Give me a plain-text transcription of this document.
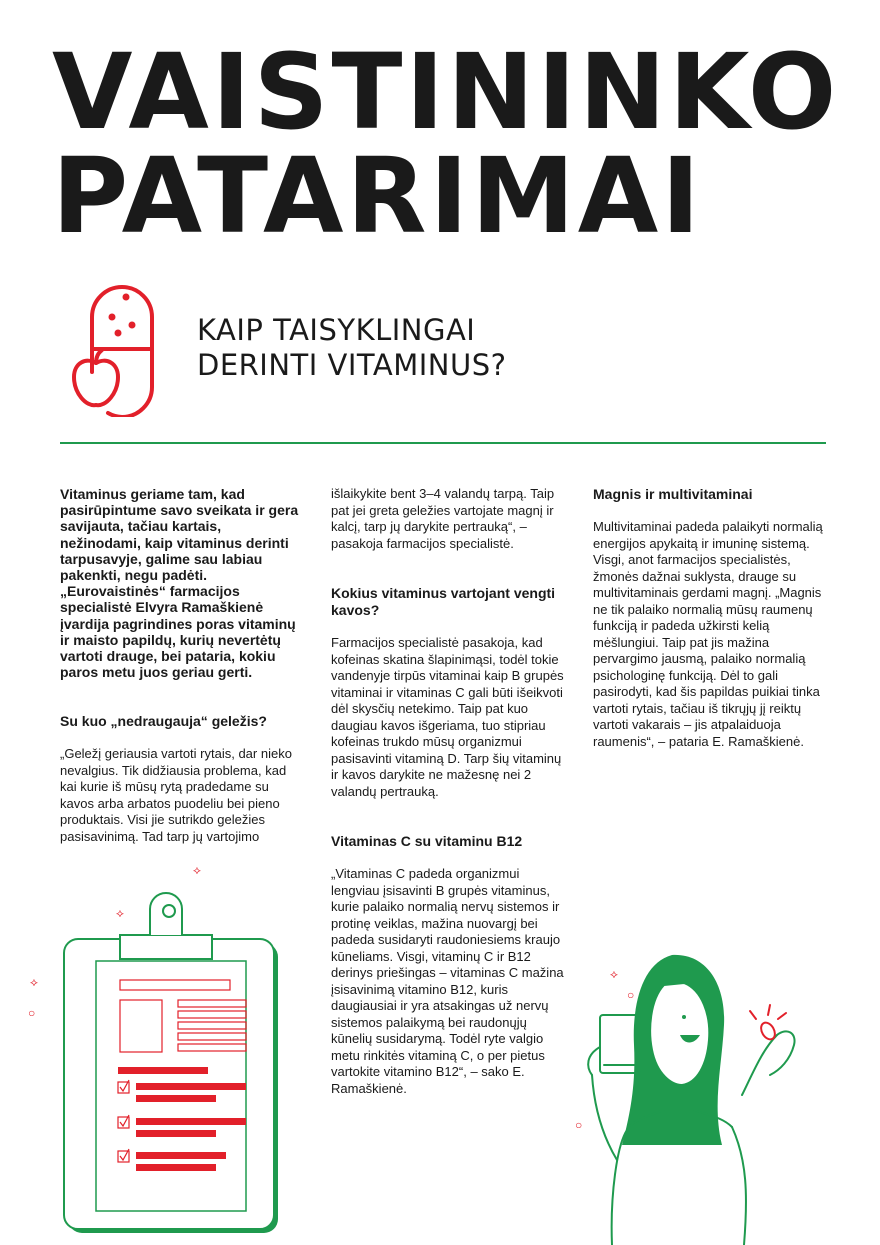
VAISTININKO
PATARIMAI
KAIP TAISYKLINGAI
DERINTI VITAMINUS?

Vitaminus geriame tam, kad pasirūpintume savo sveikata ir gera savijauta, tačiau kartais, nežinodami, kaip vitaminus derinti tarpusavyje, galime sau labiau pakenkti, negu padėti. „Eurovaistinės“ farmacijos specialistė Elvyra Ramaškienė įvardija pagrindines poras vitaminų ir maisto papildų, kurių nevertėtų vartoti drauge, bei pataria, kokiu paros metu juos geriau gerti.

Su kuo „nedraugauja“ geležis?

„Geležį geriausia vartoti rytais, dar nieko nevalgius. Tik didžiausia problema, kad kai kurie iš mūsų rytą pradedame su kavos arba arbatos puodeliu bei pieno produktais. Visi jie sutrikdo geležies pasisavinimą. Tad tarp jų vartojimo

išlaikykite bent 3–4 valandų tarpą. Taip pat jei greta geležies vartojate magnį ir kalcį, tarp jų darykite pertrauką“, – pasakoja farmacijos specialistė.

Kokius vitaminus vartojant vengti kavos?

Farmacijos specialistė pasakoja, kad kofeinas skatina šlapinimąsi, todėl tokie vandenyje tirpūs vitaminai kaip B grupės vitaminai ir vitaminas C gali būti išeikvoti dėl skysčių netekimo. Taip pat kuo daugiau kavos išgeriama, tuo stipriau kofeinas trukdo mūsų organizmui pasisavinti vitaminą D. Tarp šių vitaminų ir kavos darykite ne mažesnę nei 2 valandų pertrauką.

Vitaminas C su vitaminu B12

„Vitaminas C padeda organizmui lengviau įsisavinti B grupės vitaminus, kurie palaiko normalią nervų sistemos ir protinę veiklas, mažina nuovargį bei padeda susidaryti raudoniesiems kraujo kūneliams. Visgi, vitaminų C ir B12 derinys priešingas – vitaminas C mažina įsisavinimą vitamino B12, kuris daugiausiai ir yra atsakingas už nervų sistemos palaikymą bei raudonųjų kūnelių susidarymą. Todėl ryte valgio metu rinkitės vitaminą C, o per pietus vartokite vitamino B12“, – sako E. Ramaškienė.

Magnis ir multivitaminai

Multivitaminai padeda palaikyti normalią energijos apykaitą ir imuninę sistemą. Visgi, anot farmacijos specialistės, žmonės dažnai suklysta, drauge su multivitaminais gerdami magnį. „Magnis ne tik palaiko normalią mūsų raumenų funkciją ir padeda užkirsti kelią mėšlungiui. Taip pat jis mažina pervargimo jausmą, palaiko normalią psichologinę funkciją. Dėl to gali pasirodyti, kad šis papildas puikiai tinka vartoti rytais, tačiau iš tikrųjų jį reiktų vartoti vakarais – jis atpalaiduoja raumenis“, – pataria E. Ramaškienė.

⟡
⟡
⟡
○
⟡
○
○
